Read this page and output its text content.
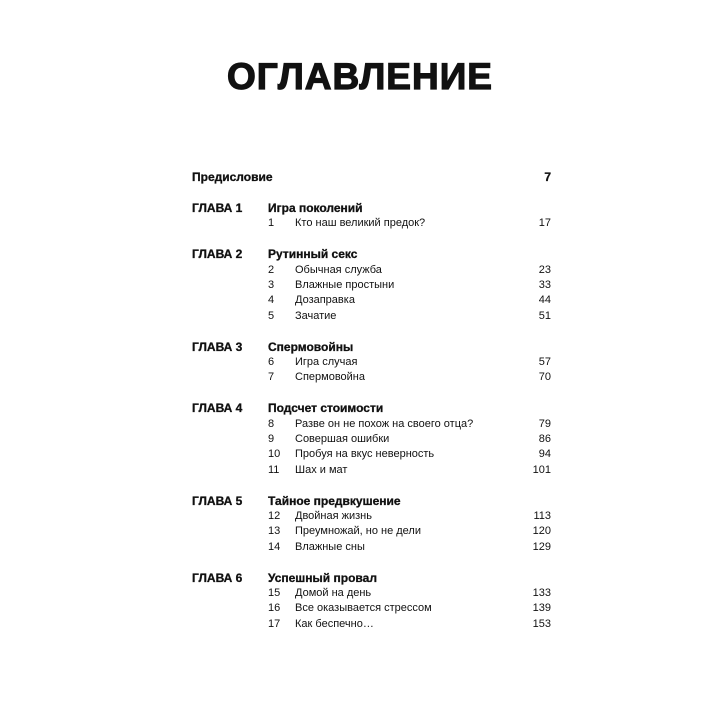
ОГЛАВЛЕНИЕ
Предисловие	7
ГЛАВА 1 Игра поколений
1 Кто наш великий предок?	17
ГЛАВА 2 Рутинный секс
2 Обычная служба	23
3 Влажные простыни	33
4 Дозаправка	44
5 Зачатие	51
ГЛАВА 3 Спермовойны
6 Игра случая	57
7 Спермовойна	70
ГЛАВА 4 Подсчет стоимости
8 Разве он не похож на своего отца?	79
9 Совершая ошибки	86
10 Пробуя на вкус неверность	94
11 Шах и мат	101
ГЛАВА 5 Тайное предвкушение
12 Двойная жизнь	113
13 Преумножай, но не дели	120
14 Влажные сны	129
ГЛАВА 6 Успешный провал
15 Домой на день	133
16 Все оказывается стрессом	139
17 Как беспечно…	153
